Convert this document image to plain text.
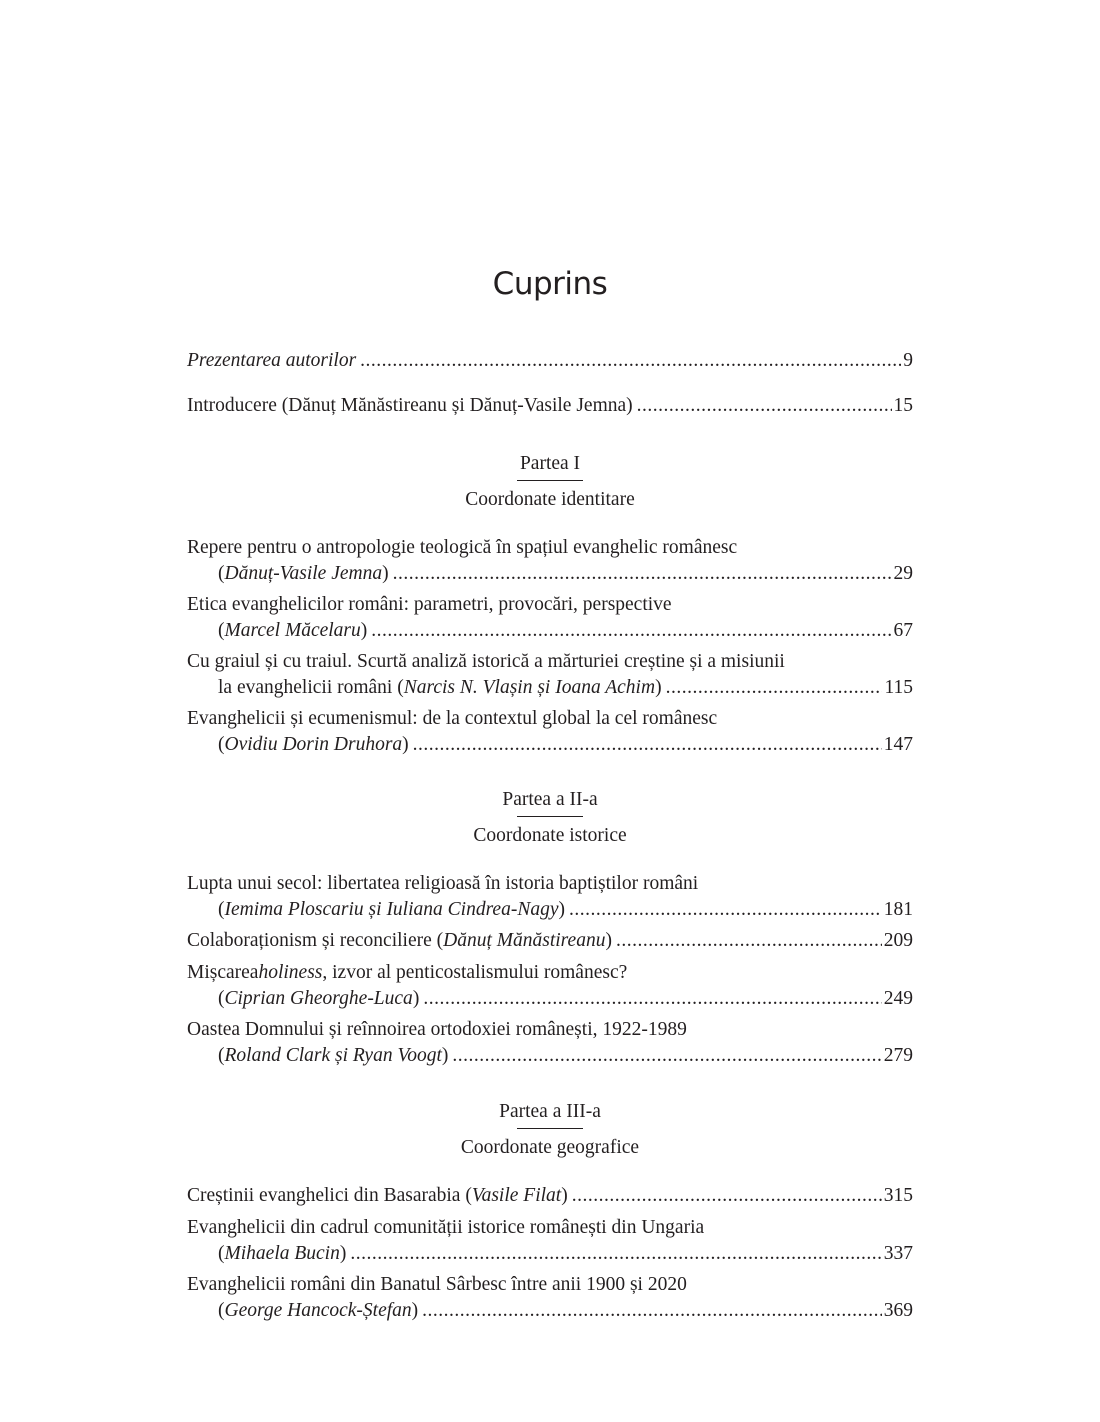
Cuprins
Prezentarea autorilor .....	9
Introducere (Dănuț Mănăstireanu și Dănuț-Vasile Jemna) .....	15
Repere pentru o antropologie teologică în spațiul evanghelic românesc
( Dănuț-Vasile Jemna ) .....	29
Etica evanghelicilor români: parametri, provocări, perspective
( Marcel Măcelaru ) .....	67
Cu graiul și cu traiul. Scurtă analiză istorică a mărturiei creștine și a misiunii
la evanghelicii români ( Narcis N. Vlașin și Ioana Achim ) .....	115
Evanghelicii și ecumenismul: de la contextul global la cel românesc
( Ovidiu Dorin Druhora ) .....	147
Lupta unui secol: libertatea religioasă în istoria baptiștilor români
( Iemima Ploscariu și Iuliana Cindrea-Nagy ) .....	181
Colaboraționism și reconciliere ( Dănuț Mănăstireanu ) .....	209
Mișcarea holiness , izvor al penticostalismului românesc?
( Ciprian Gheorghe-Luca ) .....	249
Oastea Domnului și reînnoirea ortodoxiei românești, 1922-1989
( Roland Clark și Ryan Voogt ) .....	279
Creștinii evanghelici din Basarabia ( Vasile Filat ) .....	315
Evanghelicii din cadrul comunității istorice românești din Ungaria
( Mihaela Bucin ) .....	337
Evanghelicii români din Banatul Sârbesc între anii 1900 și 2020
( George Hancock-Ștefan ) .....	369
Partea I
Coordonate identitare
Partea a II-a
Coordonate istorice
Partea a III-a
Coordonate geografice
